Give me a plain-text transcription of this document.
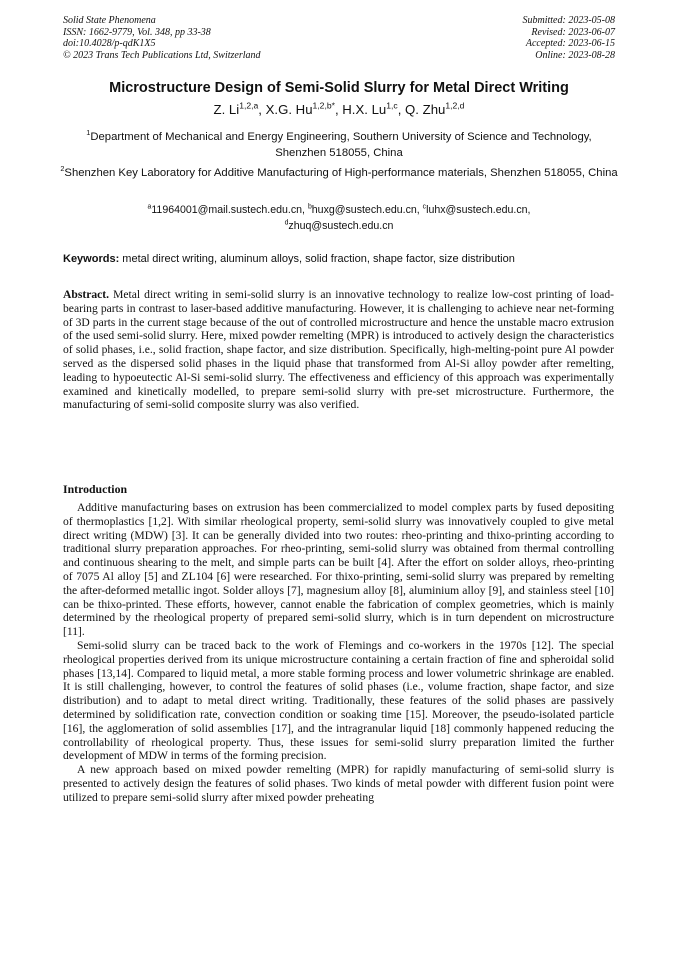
Solid State Phenomena
ISSN: 1662-9779, Vol. 348, pp 33-38
doi:10.4028/p-qdK1X5
© 2023 Trans Tech Publications Ltd, Switzerland
Submitted: 2023-05-08
Revised: 2023-06-07
Accepted: 2023-06-15
Online: 2023-08-28
Microstructure Design of Semi-Solid Slurry for Metal Direct Writing
Z. Li$^{1,2,a}$, X.G. $Hu^{1,2,b*}$, H.X. Lu$^{1,c}$, Q. Zhu$^{1,2,d}$
$^1$Department of Mechanical and Energy Engineering, Southern University of Science and Technology, Shenzhen 518055, China
$^2$Shenzhen Key Laboratory for Additive Manufacturing of High-performance materials, Shenzhen 518055, China
$^a$11964001@mail.sustech.edu.cn, $^b$huxg@sustech.edu.cn, $^c$luhx@sustech.edu.cn,
$^d$zhuq@sustech.edu.cn
Keywords: metal direct writing, aluminum alloys, solid fraction, shape factor, size distribution
Abstract. Metal direct writing in semi-solid slurry is an innovative technology to realize low-cost printing of load-bearing parts in contrast to laser-based additive manufacturing. However, it is challenging to achieve near net-forming of 3D parts in the current stage because of the out of controlled microstructure and hence the unstable macro extrusion of the used semi-solid slurry. Here, mixed powder remelting (MPR) is introduced to actively design the characteristics of solid phases, i.e., solid fraction, shape factor, and size distribution. Specifically, high-melting-point pure Al powder served as the dispersed solid phases in the liquid phase that transformed from Al-Si alloy powder after remelting, leading to hypoeutectic Al-Si semi-solid slurry. The effectiveness and efficiency of this approach was experimentally examined and kinetically modelled, to prepare semi-solid slurry with pre-set microstructure. Furthermore, the manufacturing of semi-solid composite slurry was also verified.
Introduction

Additive manufacturing bases on extrusion has been commercialized to model complex parts by fused depositing of thermoplastics [1,2]. With similar rheological property, semi-solid slurry was innovatively coupled to give metal direct writing (MDW) [3]. It can be generally divided into two routes: rheo-printing and thixo-printing according to traditional slurry preparation approaches. For rheo-printing, semi-solid slurry was obtained from thermal controlling and continuous shearing to the melt, and simple parts can be built [4]. After the effort on solder alloys, rheo-printing of 7075 Al alloy [5] and ZL104 [6] were researched. For thixo-printing, semi-solid slurry was prepared by remelting the after-deformed metallic ingot. Solder alloys [7], magnesium alloy [8], aluminium alloy [9], and stainless steel [10] can be thixo-printed. These efforts, however, cannot enable the fabrication of complex geometries, which is mainly determined by the rheological property of prepared semi-solid slurry, which is in turn dependent on microstructure [11].

Semi-solid slurry can be traced back to the work of Flemings and co-workers in the 1970s [12]. The special rheological properties derived from its unique microstructure containing a certain fraction of fine and spheroidal solid phases [13,14]. Compared to liquid metal, a more stable forming process and lower volumetric shrinkage are enabled. It is still challenging, however, to control the features of solid phases (i.e., volume fraction, shape factor, and size distribution) and to adapt to metal direct writing. Traditionally, these features of the solid phases are passively determined by solidification rate, convection condition or soaking time [15]. Moreover, the pseudo-isolated particle [16], the agglomeration of solid assemblies [17], and the intragranular liquid [18] commonly happened reducing the controllability of rheological property. Thus, these issues for semi-solid slurry preparation limited the further development of MDW in terms of the forming precision.

A new approach based on mixed powder remelting (MPR) for rapidly manufacturing of semi-solid slurry is presented to actively design the features of solid phases. Two kinds of metal powder with different fusion point were utilized to prepare semi-solid slurry after mixed powder preheating
